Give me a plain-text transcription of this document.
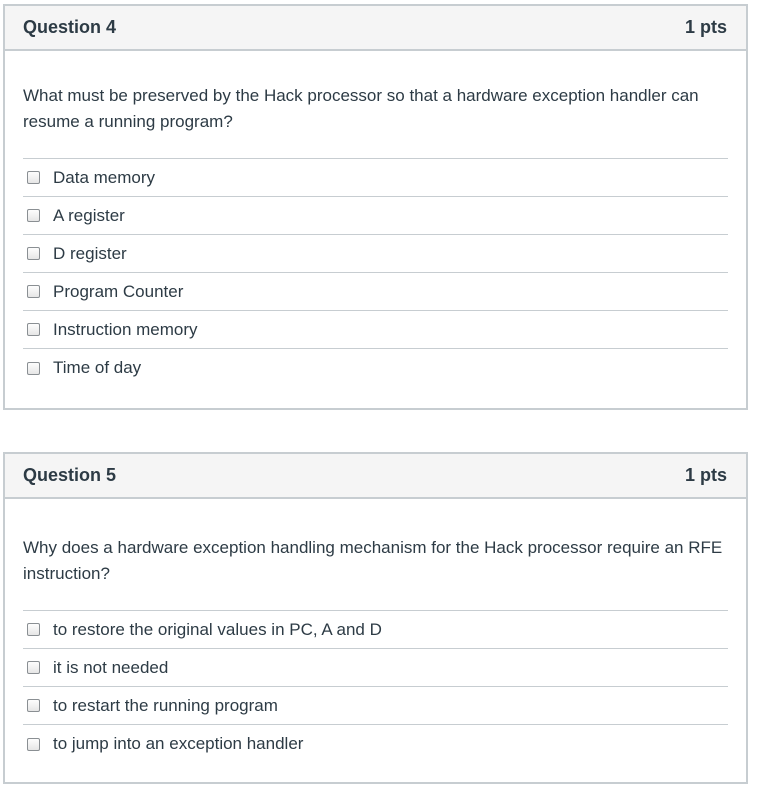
Question 4	1 pts
What must be preserved by the Hack processor so that a hardware exception handler can resume a running program?
Data memory
A register
D register
Program Counter
Instruction memory
Time of day
Question 5	1 pts
Why does a hardware exception handling mechanism for the Hack processor require an RFE instruction?
to restore the original values in PC, A and D
it is not needed
to restart the running program
to jump into an exception handler
